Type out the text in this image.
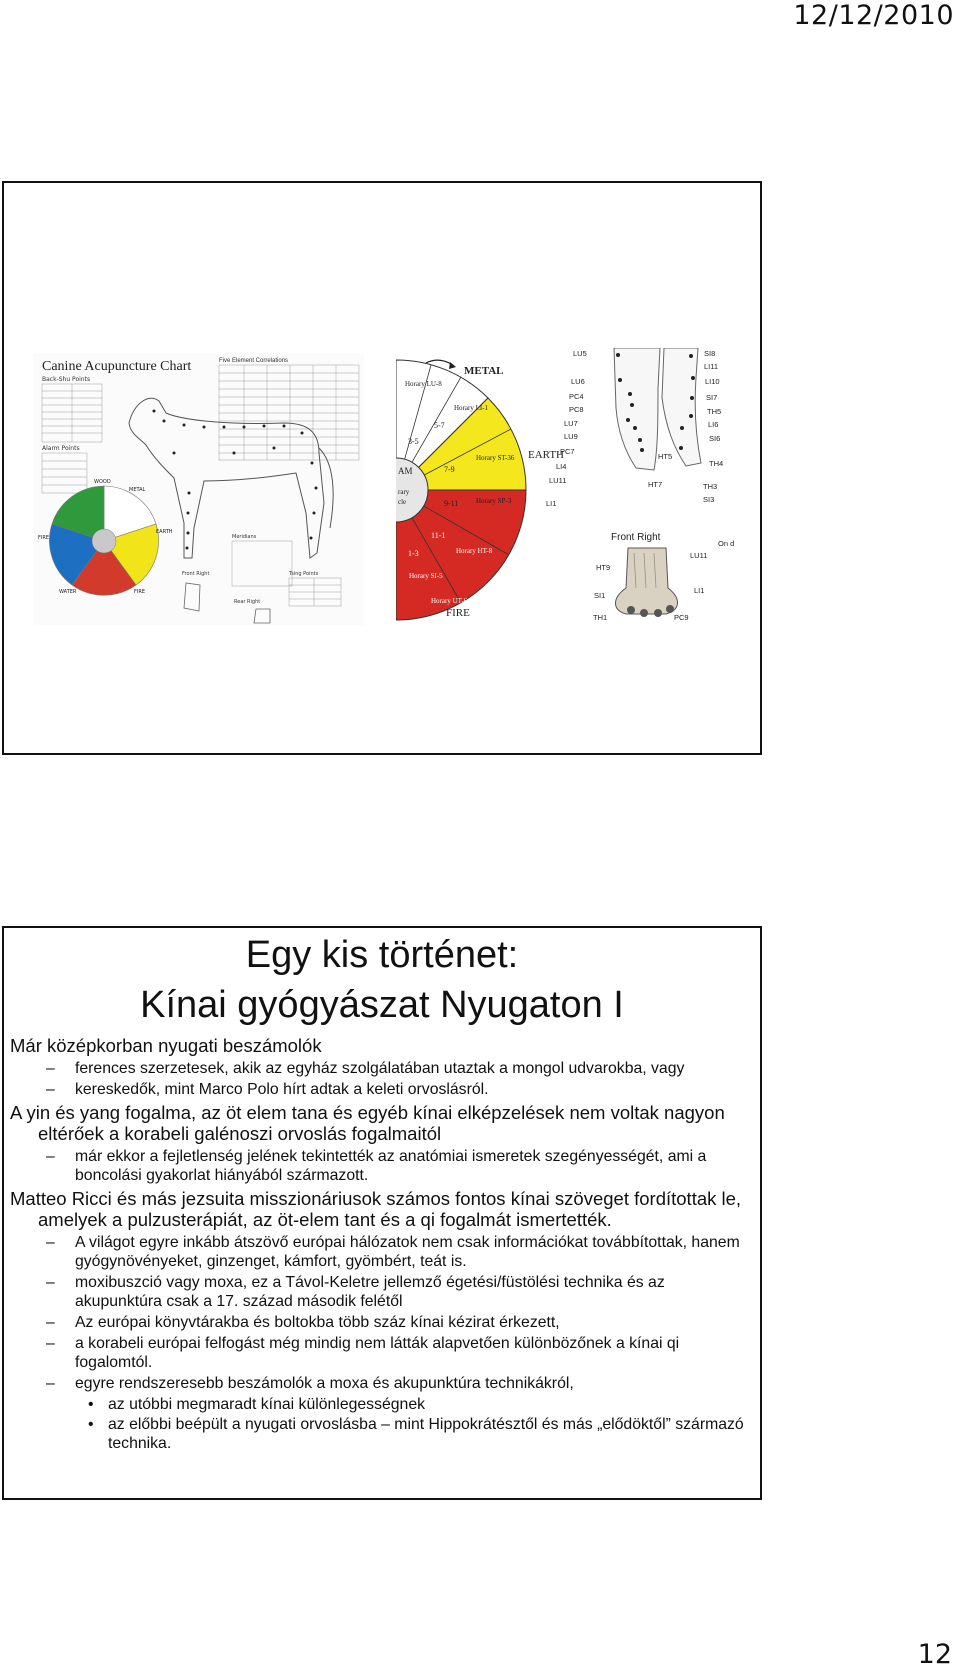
12/12/2010
Canine Acupuncture Chart	Five Element Correlations
Back-Shu Points
Alarm Points
WOOD
METAL
EARTH
FIRE
WATER	FIRE
Front Right
Rear Right
Meridians
Tsing Points
METAL
EARTH
FIRE
Horary LU-8
Horary LI-1
Horary ST-36
Horary SP-3
Horary HT-8
Horary SI-5
Horary UT-6
3-5
5-7
7-9
9-11
11-1
1-3
AM
rary
cle
LU5
LU6
PC4
PC8
LU7
LU9
PC7
LI4
LU11
LI1
SI8
LI11
LI10
SI7
TH5
LI6
SI6
TH4
TH3
SI3
HT5
HT7
Front Right
HT9
LU11
SI1
LI1
TH1	PC9
On d
Egy kis történet:
Kínai gyógyászat Nyugaton I
Már középkorban nyugati beszámolók
–	ferences szerzetesek, akik az egyház szolgálatában utaztak a mongol udvarokba, vagy
–	kereskedők, mint Marco Polo hírt adtak a keleti orvoslásról.
A yin és yang fogalma, az öt elem tana és egyéb kínai elképzelések nem voltak nagyon eltérőek a korabeli galénoszi orvoslás fogalmaitól
–	már ekkor a fejletlenség jelének tekintették az anatómiai ismeretek szegényességét, ami a boncolási gyakorlat hiányából származott.
Matteo Ricci és más jezsuita misszionáriusok számos fontos kínai szöveget fordítottak le, amelyek a pulzusterápiát, az öt-elem tant és a qi fogalmát ismertették.
–	A világot egyre inkább átszövő európai hálózatok nem csak információkat továbbítottak, hanem gyógynövényeket, ginzenget, kámfort, gyömbért, teát is.
–	moxibuszció vagy moxa, ez a Távol-Keletre jellemző égetési/füstölési technika és az akupunktúra csak a 17. század második felétől
–	Az európai könyvtárakba és boltokba több száz kínai kézirat érkezett,
–	a korabeli európai felfogást még mindig nem látták alapvetően különbözőnek a kínai qi fogalomtól.
–	egyre rendszeresebb beszámolók a moxa és akupunktúra technikákról,
• az utóbbi megmaradt kínai különlegességnek
• az előbbi beépült a nyugati orvoslásba – mint Hippokrátésztől és más „elődöktől” származó technika.
12
